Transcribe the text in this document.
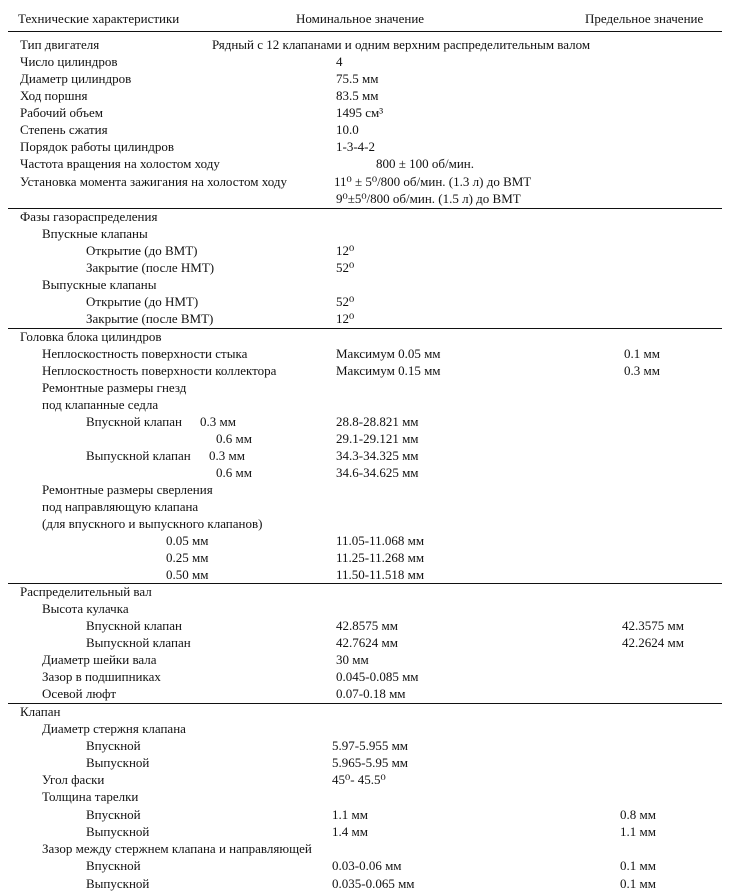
Технические характеристики	Номинальное значение	Предельное значение
Тип двигателя	Рядный с 12 клапанами и одним верхним распределительным валом
Число цилиндров	4
Диаметр цилиндров	75.5 мм
Ход поршня	83.5 мм
Рабочий объем	1495 см³
Степень сжатия	10.0
Порядок работы цилиндров	1-3-4-2
Частота вращения на холостом ходу	800 ± 100 об/мин.
Установка момента зажигания на холостом ходу	11⁰ ± 5⁰/800 об/мин. (1.3 л) до ВМТ
9⁰±5⁰/800 об/мин. (1.5 л) до ВМТ
Фазы газораспределения
Впускные клапаны
Открытие (до ВМТ)	12⁰
Закрытие (после НМТ)	52⁰
Выпускные клапаны
Открытие (до НМТ)	52⁰
Закрытие (после ВМТ)	12⁰
Головка блока цилиндров
Неплоскостность поверхности стыка	Максимум 0.05 мм	0.1 мм
Неплоскостность поверхности коллектора	Максимум 0.15 мм	0.3 мм
Ремонтные размеры гнезд
под клапанные седла
Впускной клапан 0.3 мм	28.8-28.821 мм
0.6 мм	29.1-29.121 мм
Выпускной клапан 0.3 мм	34.3-34.325 мм
0.6 мм	34.6-34.625 мм
Ремонтные размеры сверления
под направляющую клапана
(для впускного и выпускного клапанов)
0.05 мм	11.05-11.068 мм
0.25 мм	11.25-11.268 мм
0.50 мм	11.50-11.518 мм
Распределительный вал
Высота кулачка
Впускной клапан	42.8575 мм	42.3575 мм
Выпускной клапан	42.7624 мм	42.2624 мм
Диаметр шейки вала	30 мм
Зазор в подшипниках	0.045-0.085 мм
Осевой люфт	0.07-0.18 мм
Клапан
Диаметр стержня клапана
Впускной	5.97-5.955 мм
Выпускной	5.965-5.95 мм
Угол фаски	45⁰- 45.5⁰
Толщина тарелки
Впускной	1.1 мм	0.8 мм
Выпускной	1.4 мм	1.1 мм
Зазор между стержнем клапана и направляющей
Впускной	0.03-0.06 мм	0.1 мм
Выпускной	0.035-0.065 мм	0.1 мм
